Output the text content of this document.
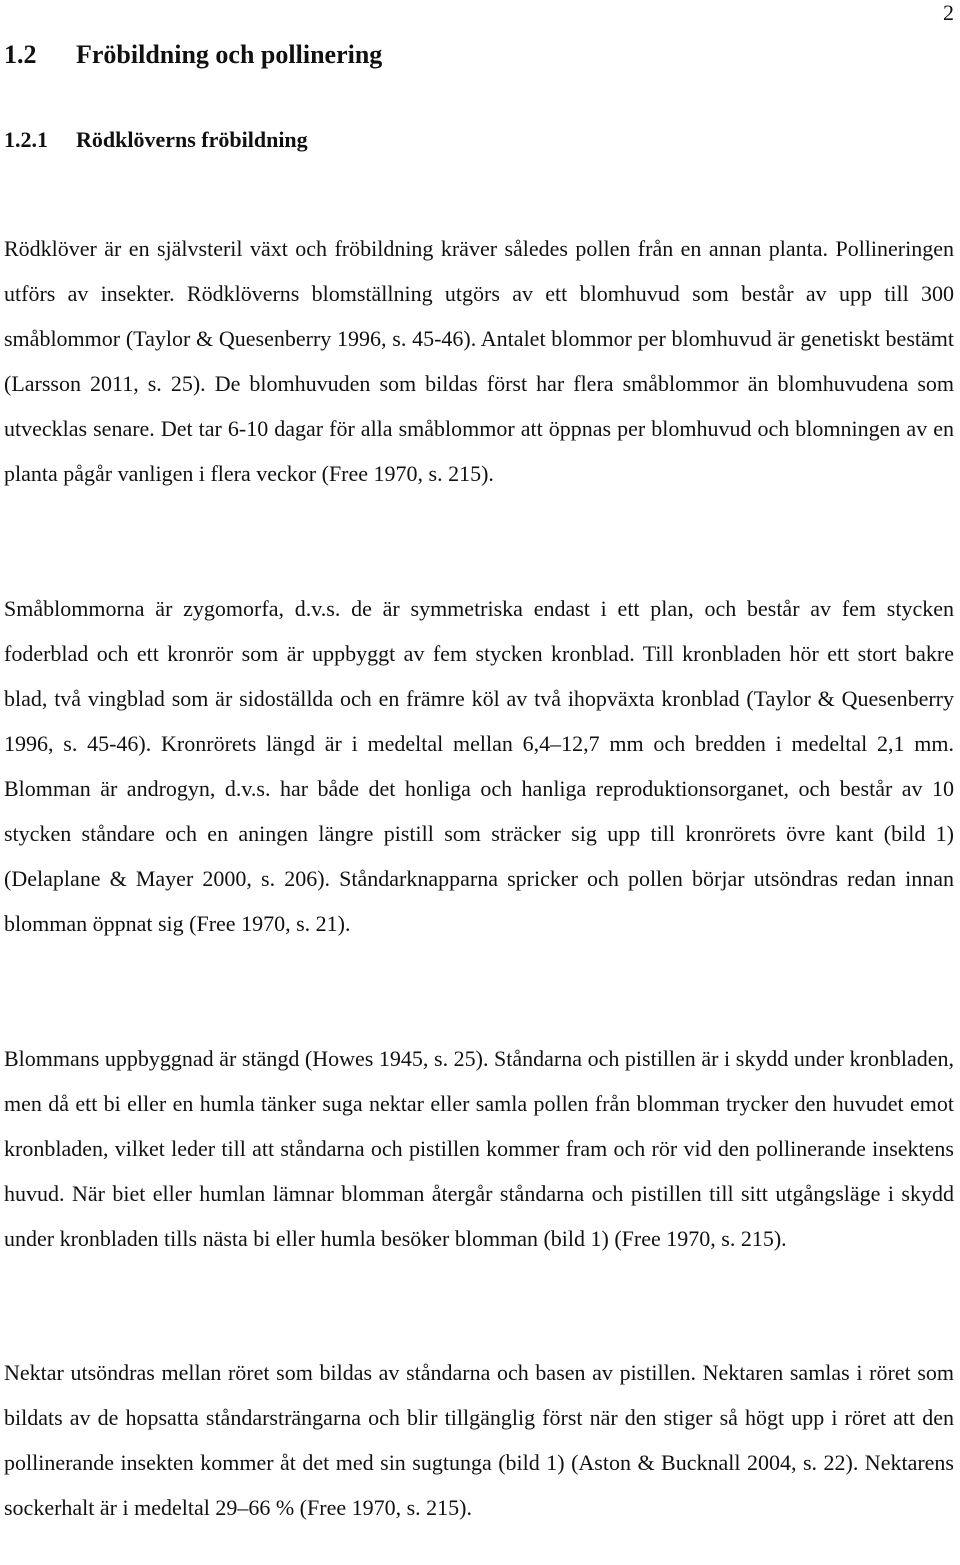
2
1.2 Fröbildning och pollinering
1.2.1 Rödklöverns fröbildning

Rödklöver är en självsteril växt och fröbildning kräver således pollen från en annan planta. Pollineringen utförs av insekter. Rödklöverns blomställning utgörs av ett blomhuvud som består av upp till 300 småblommor (Taylor & Quesenberry 1996, s. 45-46). Antalet blommor per blomhuvud är genetiskt bestämt (Larsson 2011, s. 25). De blomhuvuden som bildas först har flera småblommor än blomhuvudena som utvecklas senare. Det tar 6-10 dagar för alla småblommor att öppnas per blomhuvud och blomningen av en planta pågår vanligen i flera veckor (Free 1970, s. 215).

Småblommorna är zygomorfa, d.v.s. de är symmetriska endast i ett plan, och består av fem stycken foderblad och ett kronrör som är uppbyggt av fem stycken kronblad. Till kronbladen hör ett stort bakre blad, två vingblad som är sidoställda och en främre köl av två ihopväxta kronblad (Taylor & Quesenberry 1996, s. 45-46). Kronrörets längd är i medeltal mellan 6,4–12,7 mm och bredden i medeltal 2,1 mm. Blomman är androgyn, d.v.s. har både det honliga och hanliga reproduktionsorganet, och består av 10 stycken ståndare och en aningen längre pistill som sträcker sig upp till kronrörets övre kant (bild 1) (Delaplane & Mayer 2000, s. 206). Ståndarknapparna spricker och pollen börjar utsöndras redan innan blomman öppnat sig (Free 1970, s. 21).

Blommans uppbyggnad är stängd (Howes 1945, s. 25). Ståndarna och pistillen är i skydd under kronbladen, men då ett bi eller en humla tänker suga nektar eller samla pollen från blomman trycker den huvudet emot kronbladen, vilket leder till att ståndarna och pistillen kommer fram och rör vid den pollinerande insektens huvud. När biet eller humlan lämnar blomman återgår ståndarna och pistillen till sitt utgångsläge i skydd under kronbladen tills nästa bi eller humla besöker blomman (bild 1) (Free 1970, s. 215).

Nektar utsöndras mellan röret som bildas av ståndarna och basen av pistillen. Nektaren samlas i röret som bildats av de hopsatta ståndarsträngarna och blir tillgänglig först när den stiger så högt upp i röret att den pollinerande insekten kommer åt det med sin sugtunga (bild 1) (Aston & Bucknall 2004, s. 22). Nektarens sockerhalt är i medeltal 29–66 % (Free 1970, s. 215).
